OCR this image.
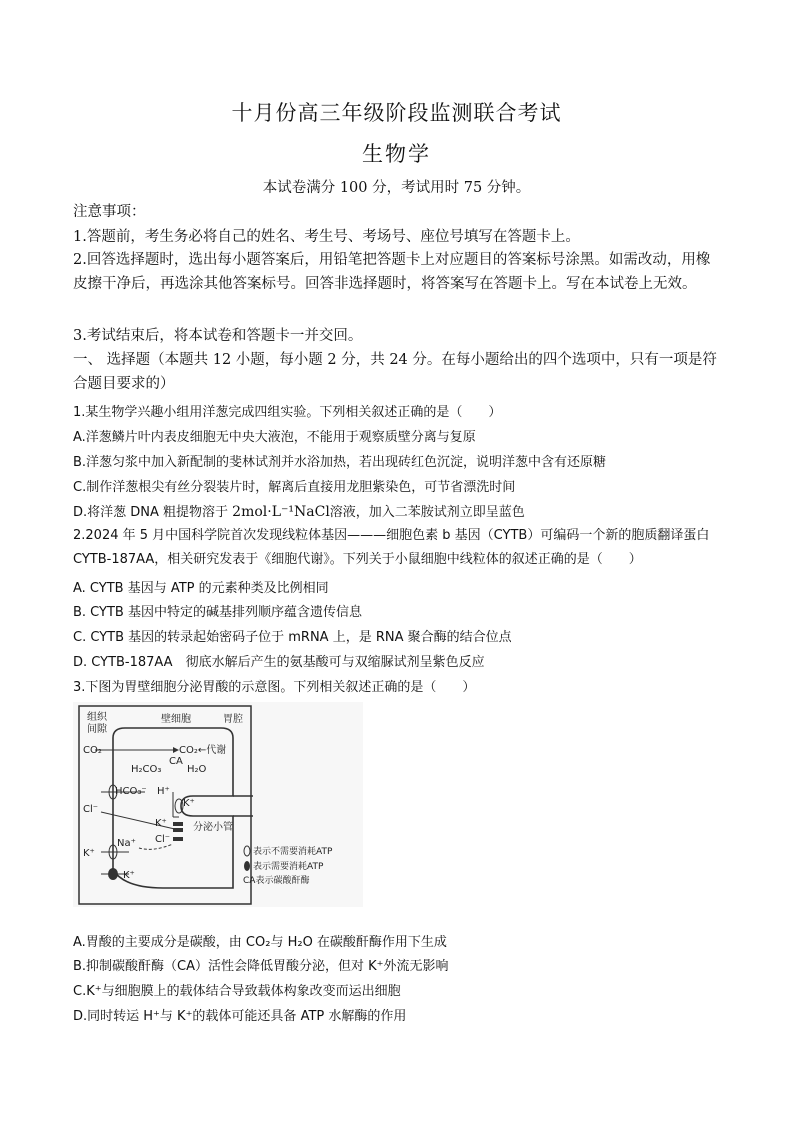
十月份高三年级阶段监测联合考试
生物学
本试卷满分 100 分，考试用时 75 分钟。
注意事项：
1.答题前，考生务必将自己的姓名、考生号、考场号、座位号填写在答题卡上。
2.回答选择题时，选出每小题答案后，用铅笔把答题卡上对应题目的答案标号涂黑。如需改动，用橡皮擦干净后，再选涂其他答案标号。回答非选择题时，将答案写在答题卡上。写在本试卷上无效。
3.考试结束后，将本试卷和答题卡一并交回。
一、 选择题（本题共 12 小题，每小题 2 分，共 24 分。在每小题给出的四个选项中，只有一项是符合题目要求的）
1.某生物学兴趣小组用洋葱完成四组实验。下列相关叙述正确的是（　　）
A.洋葱鳞片叶内表皮细胞无中央大液泡，不能用于观察质壁分离与复原
B.洋葱匀浆中加入新配制的斐林试剂并水浴加热，若出现砖红色沉淀，说明洋葱中含有还原糖
C.制作洋葱根尖有丝分裂装片时，解离后直接用龙胆紫染色，可节省漂洗时间
D.将洋葱 DNA 粗提物溶于 2mol·L⁻¹NaCl溶液，加入二苯胺试剂立即呈蓝色
2.2024 年 5 月中国科学院首次发现线粒体基因———细胞色素 b 基因（CYTB）可编码一个新的胞质翻译蛋白 CYTB-187AA，相关研究发表于《细胞代谢》。下列关于小鼠细胞中线粒体的叙述正确的是（　　）
A. CYTB 基因与 ATP 的元素种类及比例相同
B. CYTB 基因中特定的碱基排列顺序蕴含遗传信息
C. CYTB 基因的转录起始密码子位于 mRNA 上，是 RNA 聚合酶的结合位点
D. CYTB-187AA　彻底水解后产生的氨基酸可与双缩脲试剂呈紫色反应
3.下图为胃壁细胞分泌胃酸的示意图。下列相关叙述正确的是（　　）
组织
间隙
壁细胞	胃腔
CO₂	CO₂←代谢
CA
H₂CO₃	H₂O
HCO₃⁻ H⁺
K⁺
Cl⁻
分泌小管
K⁺
Cl⁻
Na⁺
K⁺
K⁺
表示不需要消耗ATP
表示需要消耗ATP
CA表示碳酸酐酶
A.胃酸的主要成分是碳酸，由 CO₂与 H₂O 在碳酸酐酶作用下生成
B.抑制碳酸酐酶（CA）活性会降低胃酸分泌，但对 K⁺外流无影响
C.K⁺与细胞膜上的载体结合导致载体构象改变而运出细胞
D.同时转运 H⁺与 K⁺的载体可能还具备 ATP 水解酶的作用
